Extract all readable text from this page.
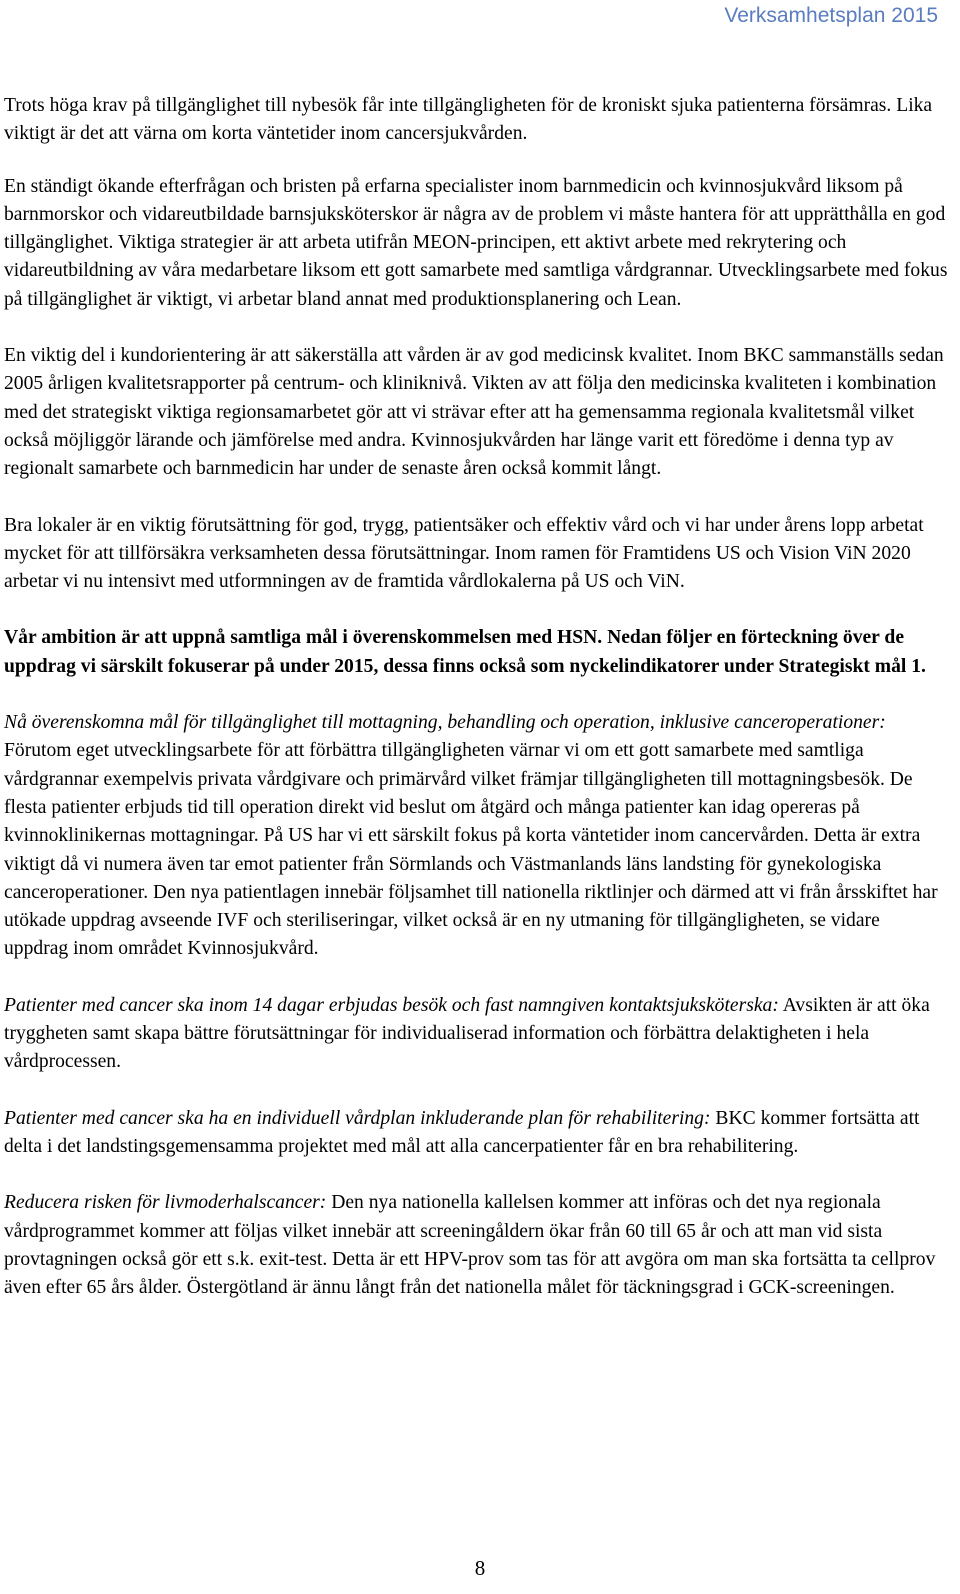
Verksamhetsplan 2015

Trots höga krav på tillgänglighet till nybesök får inte tillgängligheten för de kroniskt sjuka patienterna försämras. Lika viktigt är det att värna om korta väntetider inom cancersjukvården.

En ständigt ökande efterfrågan och bristen på erfarna specialister inom barnmedicin och kvinnosjukvård liksom på barnmorskor och vidareutbildade barnsjuksköterskor är några av de problem vi måste hantera för att upprätthålla en god tillgänglighet. Viktiga strategier är att arbeta utifrån MEON-principen, ett aktivt arbete med rekrytering och vidareutbildning av våra medarbetare liksom ett gott samarbete med samtliga vårdgrannar. Utvecklingsarbete med fokus på tillgänglighet är viktigt, vi arbetar bland annat med produktionsplanering och Lean.

En viktig del i kundorientering är att säkerställa att vården är av god medicinsk kvalitet. Inom BKC sammanställs sedan 2005 årligen kvalitetsrapporter på centrum- och kliniknivå. Vikten av att följa den medicinska kvaliteten i kombination med det strategiskt viktiga regionsamarbetet gör att vi strävar efter att ha gemensamma regionala kvalitetsmål vilket också möjliggör lärande och jämförelse med andra. Kvinnosjukvården har länge varit ett föredöme i denna typ av regionalt samarbete och barnmedicin har under de senaste åren också kommit långt.

Bra lokaler är en viktig förutsättning för god, trygg, patientsäker och effektiv vård och vi har under årens lopp arbetat mycket för att tillförsäkra verksamheten dessa förutsättningar. Inom ramen för Framtidens US och Vision ViN 2020 arbetar vi nu intensivt med utformningen av de framtida vårdlokalerna på US och ViN.

Vår ambition är att uppnå samtliga mål i överenskommelsen med HSN. Nedan följer en förteckning över de uppdrag vi särskilt fokuserar på under 2015, dessa finns också som nyckelindikatorer under Strategiskt mål 1.

Nå överenskomna mål för tillgänglighet till mottagning, behandling och operation, inklusive canceroperationer: Förutom eget utvecklingsarbete för att förbättra tillgängligheten värnar vi om ett gott samarbete med samtliga vårdgrannar exempelvis privata vårdgivare och primärvård vilket främjar tillgängligheten till mottagningsbesök. De flesta patienter erbjuds tid till operation direkt vid beslut om åtgärd och många patienter kan idag opereras på kvinnoklinikernas mottagningar. På US har vi ett särskilt fokus på korta väntetider inom cancervården. Detta är extra viktigt då vi numera även tar emot patienter från Sörmlands och Västmanlands läns landsting för gynekologiska canceroperationer. Den nya patientlagen innebär följsamhet till nationella riktlinjer och därmed att vi från årsskiftet har utökade uppdrag avseende IVF och steriliseringar, vilket också är en ny utmaning för tillgängligheten, se vidare uppdrag inom området Kvinnosjukvård.

Patienter med cancer ska inom 14 dagar erbjudas besök och fast namngiven kontaktsjuksköterska: Avsikten är att öka tryggheten samt skapa bättre förutsättningar för individualiserad information och förbättra delaktigheten i hela vårdprocessen.

Patienter med cancer ska ha en individuell vårdplan inkluderande plan för rehabilitering: BKC kommer fortsätta att delta i det landstingsgemensamma projektet med mål att alla cancerpatienter får en bra rehabilitering.

Reducera risken för livmoderhalscancer: Den nya nationella kallelsen kommer att införas och det nya regionala vårdprogrammet kommer att följas vilket innebär att screeningåldern ökar från 60 till 65 år och att man vid sista provtagningen också gör ett s.k. exit-test. Detta är ett HPV-prov som tas för att avgöra om man ska fortsätta ta cellprov även efter 65 års ålder. Östergötland är ännu långt från det nationella målet för täckningsgrad i GCK-screeningen.

8
